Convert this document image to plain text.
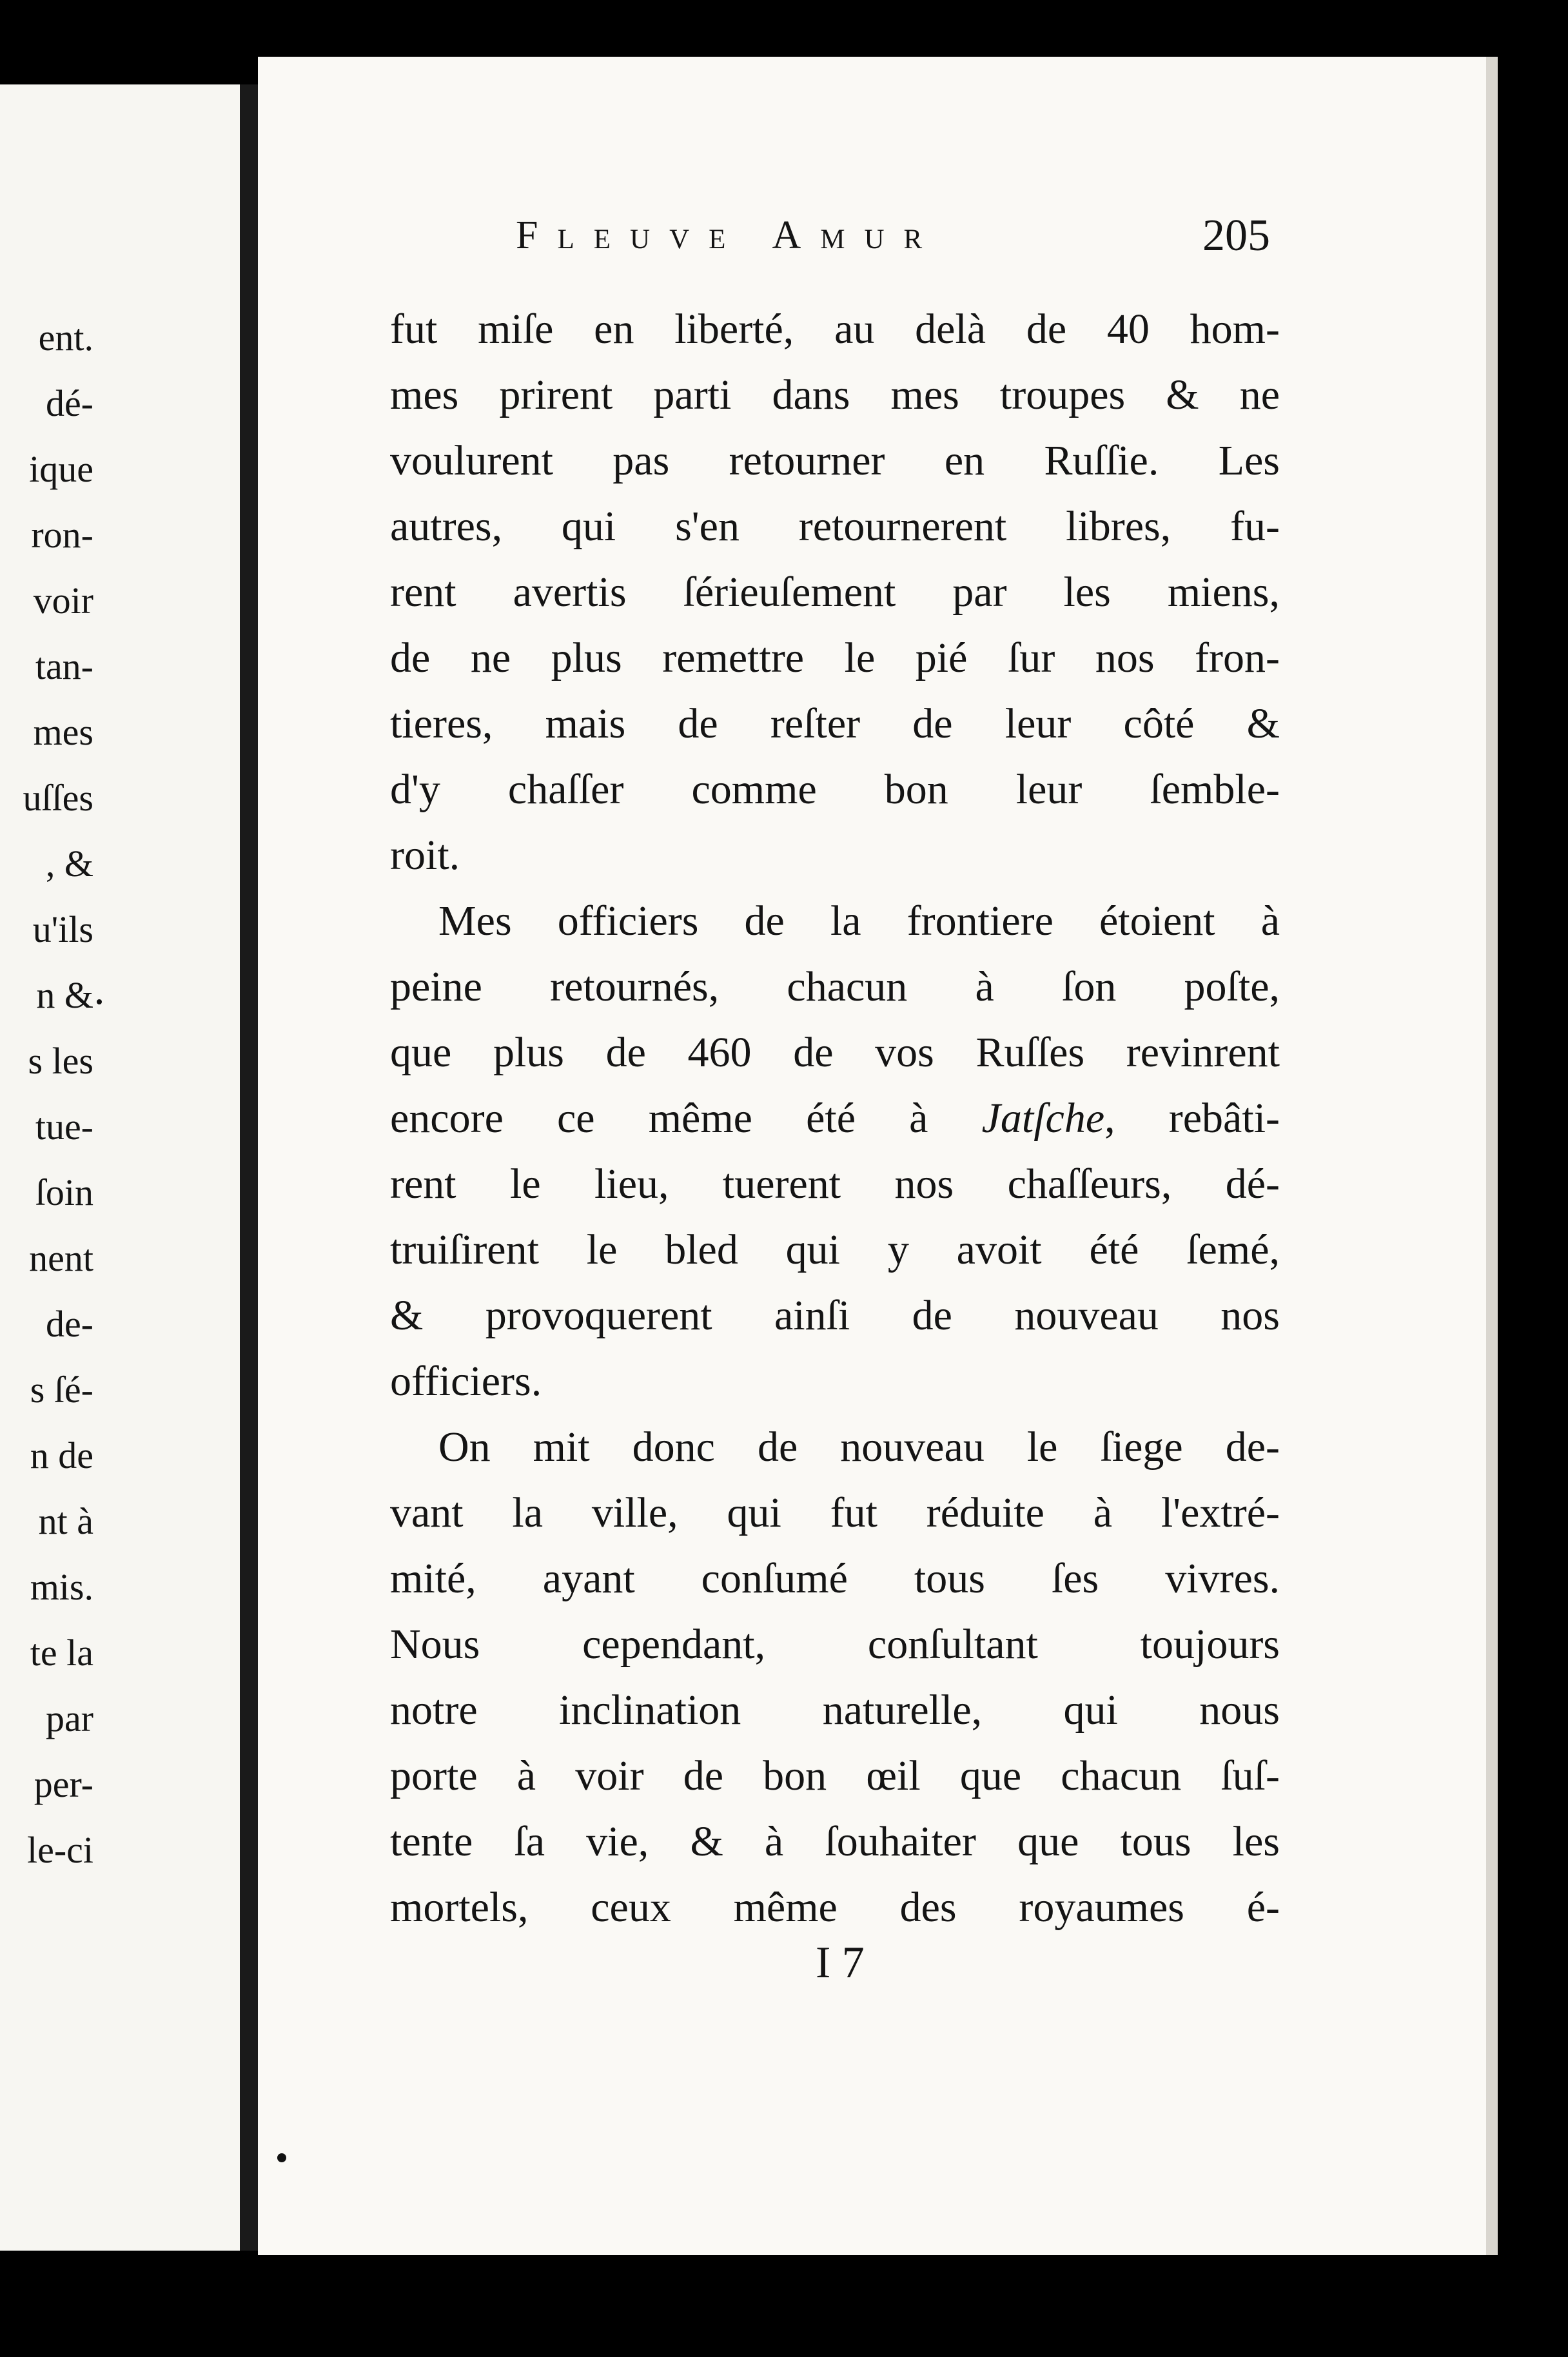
ent.
dé-
ique
ron-
voir
tan-
mes
uſſes
, &
u'ils
n &
s les
tue-
ſoin
nent
de-
s ſé-
n de
nt à
mis.
te la
par
per-
le-ci
Fleuve Amur	205
fut miſe en liberté, au delà de 40 hom-
mes prirent parti dans mes troupes & ne
voulurent pas retourner en Ruſſie. Les
autres, qui s'en retournerent libres, fu-
rent avertis ſérieuſement par les miens,
de ne plus remettre le pié ſur nos fron-
tieres, mais de reſter de leur côté &
d'y chaſſer comme bon leur ſemble-
roit.
Mes officiers de la frontiere étoient à
peine retournés, chacun à ſon poſte,
que plus de 460 de vos Ruſſes revinrent
encore ce même été à Jatſche, rebâti-
rent le lieu, tuerent nos chaſſeurs, dé-
truiſirent le bled qui y avoit été ſemé,
& provoquerent ainſi de nouveau nos
officiers.
On mit donc de nouveau le ſiege de-
vant la ville, qui fut réduite à l'extré-
mité, ayant conſumé tous ſes vivres.
Nous cependant, conſultant toujours
notre inclination naturelle, qui nous
porte à voir de bon œil que chacun ſuſ-
tente ſa vie, & à ſouhaiter que tous les
mortels, ceux même des royaumes é-
I 7
